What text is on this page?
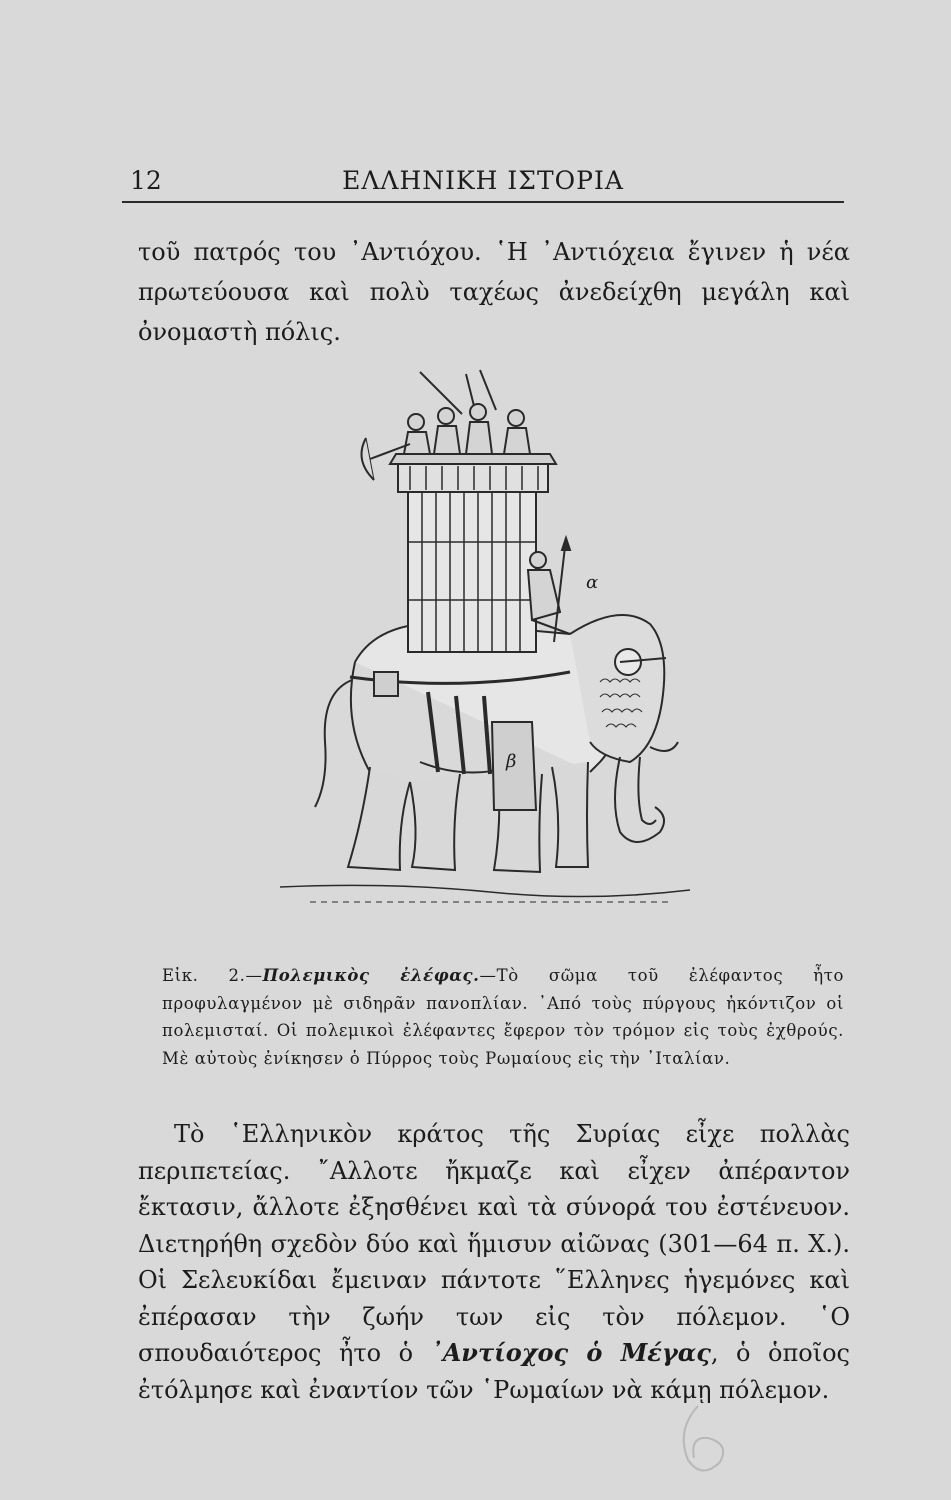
12	ΕΛΛΗΝΙΚΗ ΙΣΤΟΡΙΑ

τοῦ πατρός του ᾽Αντιόχου. ῾Η ᾽Αντιόχεια ἔγινεν ἡ νέα πρωτεύουσα καὶ πολὺ ταχέως ἀνεδείχθη μεγάλη καὶ ὀνομαστὴ πόλις.

α
β

Εἰκ. 2.—Πολεμικὸς ἐλέφας.—Τὸ σῶμα τοῦ ἐλέφαντος ἦτο προφυλαγμένον μὲ σιδηρᾶν πανοπλίαν. ᾽Από τοὺς πύργους ἠκόντιζον οἱ πολεμισταί. Οἱ πολεμικοὶ ἐλέφαντες ἔφερον τὸν τρόμον εἰς τοὺς ἐχθρούς. Μὲ αὐτοὺς ἐνίκησεν ὁ Πύρρος τοὺς Ρωμαίους εἰς τὴν ᾽Ιταλίαν.

Τὸ ῾Ελληνικὸν κράτος τῆς Συρίας εἶχε πολλὰς περιπετείας. ῎Αλλοτε ἤκμαζε καὶ εἶχεν ἀπέραντον ἔκτασιν, ἄλλοτε ἐξησθένει καὶ τὰ σύνορά του ἐστένευον. Διετηρήθη σχεδὸν δύο καὶ ἥμισυν αἰῶνας (301—64 π. Χ.). Οἱ Σελευκίδαι ἔμειναν πάντοτε ῞Ελληνες ἡγεμόνες καὶ ἐπέρασαν τὴν ζωήν των εἰς τὸν πόλεμον. ῾Ο σπουδαιότερος ἦτο ὁ ᾽Αντίοχος ὁ Μέγας, ὁ ὁποῖος ἐτόλμησε καὶ ἐναντίον τῶν ῾Ρωμαίων νὰ κάμῃ πόλεμον.
